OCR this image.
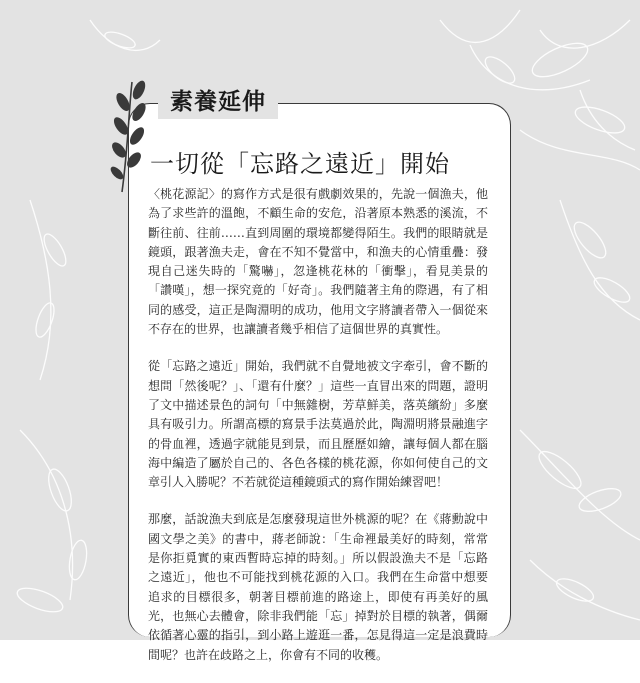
素養延伸
一切從「忘路之遠近」開始

〈桃花源記〉的寫作方式是很有戲劇效果的，先說一個漁夫，他為了求些許的溫飽，不顧生命的安危，沿著原本熟悉的溪流，不斷往前、往前……直到周圍的環境都變得陌生。我們的眼睛就是鏡頭，跟著漁夫走，會在不知不覺當中，和漁夫的心情重疊：發現自己迷失時的「驚嚇」，忽逢桃花林的「衝擊」，看見美景的「讚嘆」，想一探究竟的「好奇」。我們隨著主角的際遇，有了相同的感受，這正是陶淵明的成功，他用文字將讀者帶入一個從來不存在的世界，也讓讀者幾乎相信了這個世界的真實性。

從「忘路之遠近」開始，我們就不自覺地被文字牽引，會不斷的想問「然後呢？」、「還有什麼？」這些一直冒出來的問題，證明了文中描述景色的詞句「中無雜樹，芳草鮮美，落英繽紛」多麼具有吸引力。所謂高標的寫景手法莫過於此，陶淵明將景融進字的骨血裡，透過字就能見到景，而且歷歷如繪，讓每個人都在腦海中編造了屬於自己的、各色各樣的桃花源，你如何使自己的文章引人入勝呢？不若就從這種鏡頭式的寫作開始練習吧！

那麼，話說漁夫到底是怎麼發現這世外桃源的呢？在《蔣勳說中國文學之美》的書中，蔣老師說：「生命裡最美好的時刻，常常是你拒覓實的東西暫時忘掉的時刻。」所以假設漁夫不是「忘路之遠近」，他也不可能找到桃花源的入口。我們在生命當中想要追求的目標很多，朝著目標前進的路途上，即使有再美好的風光，也無心去體會，除非我們能「忘」掉對於目標的執著，偶爾依循著心靈的指引，到小路上遊逛一番，怎見得這一定是浪費時間呢？也許在歧路之上，你會有不同的收穫。
